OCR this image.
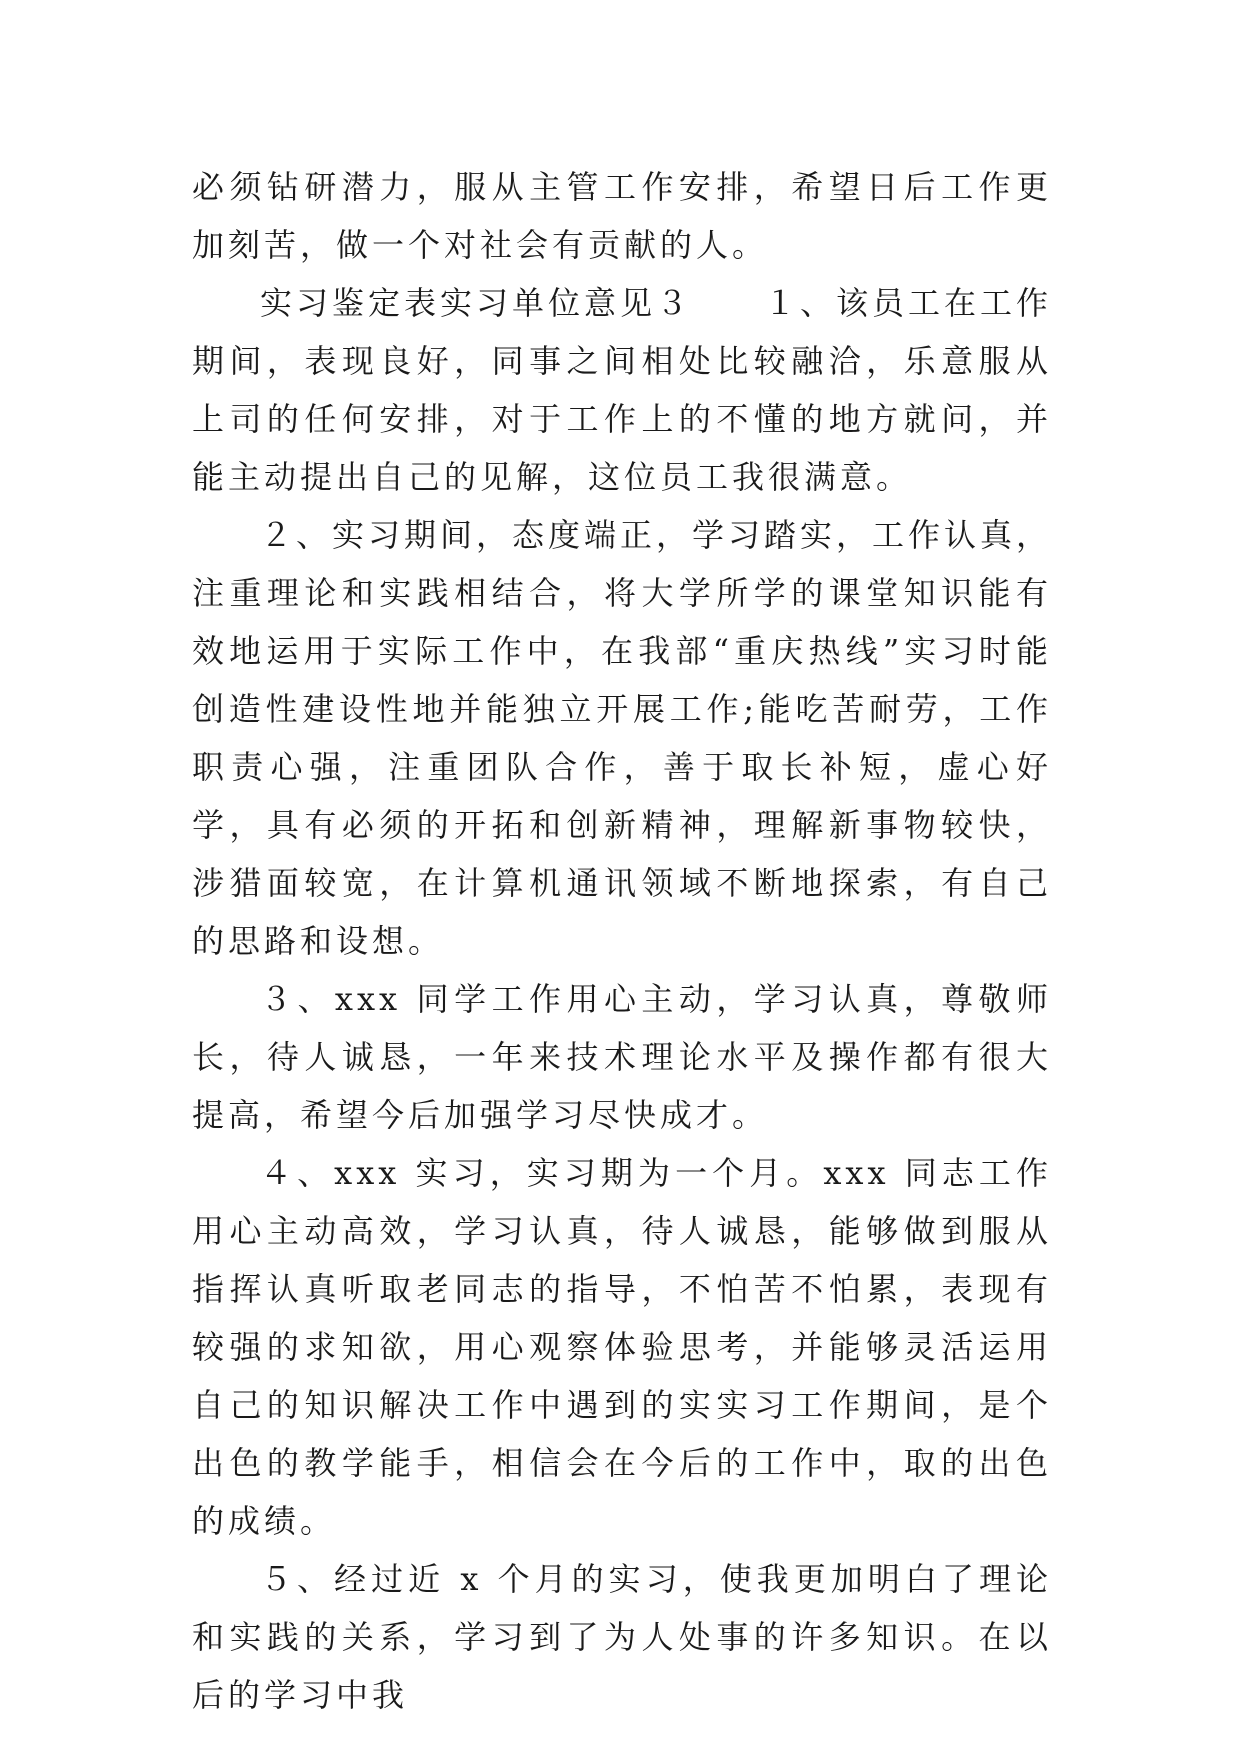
必须钻研潜力，服从主管工作安排，希望日后工作更加刻苦，做一个对社会有贡献的人。

实习鉴定表实习单位意见３　　１、该员工在工作期间，表现良好，同事之间相处比较融洽，乐意服从上司的任何安排，对于工作上的不懂的地方就问，并能主动提出自己的见解，这位员工我很满意。

２、实习期间，态度端正，学习踏实，工作认真，注重理论和实践相结合，将大学所学的课堂知识能有效地运用于实际工作中，在我部“重庆热线”实习时能创造性建设性地并能独立开展工作;能吃苦耐劳，工作职责心强，注重团队合作，善于取长补短，虚心好学，具有必须的开拓和创新精神，理解新事物较快，涉猎面较宽，在计算机通讯领域不断地探索，有自己的思路和设想。

３、xxx 同学工作用心主动，学习认真，尊敬师长，待人诚恳，一年来技术理论水平及操作都有很大提高，希望今后加强学习尽快成才。

４、xxx 实习，实习期为一个月。xxx 同志工作用心主动高效，学习认真，待人诚恳，能够做到服从指挥认真听取老同志的指导，不怕苦不怕累，表现有较强的求知欲，用心观察体验思考，并能够灵活运用自己的知识解决工作中遇到的实实习工作期间，是个出色的教学能手，相信会在今后的工作中，取的出色的成绩。

５、经过近 x 个月的实习，使我更加明白了理论和实践的关系，学习到了为人处事的许多知识。在以后的学习中我
